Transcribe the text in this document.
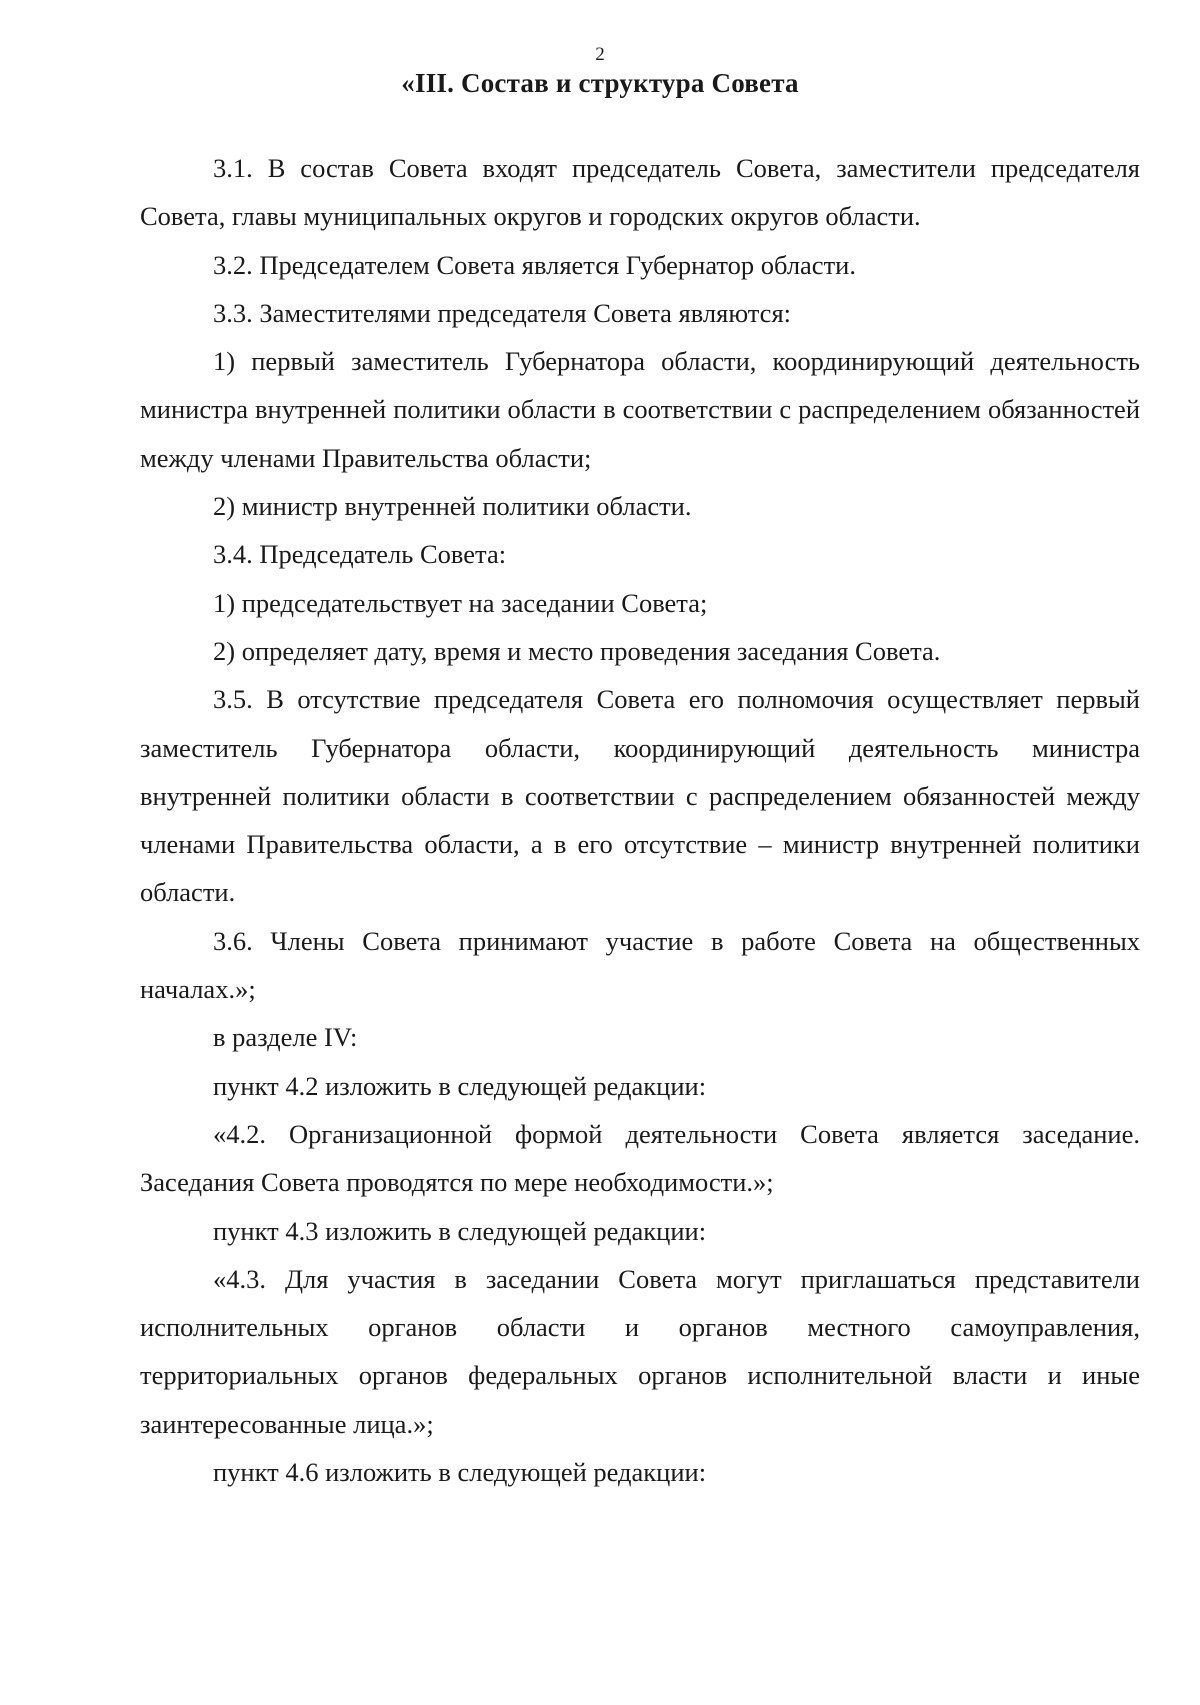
2
«III. Состав и структура Совета

3.1. В состав Совета входят председатель Совета, заместители председателя Совета, главы муниципальных округов и городских округов области.

3.2. Председателем Совета является Губернатор области.

3.3. Заместителями председателя Совета являются:

1) первый заместитель Губернатора области, координирующий деятельность министра внутренней политики области в соответствии с распределением обязанностей между членами Правительства области;

2) министр внутренней политики области.

3.4. Председатель Совета:

1) председательствует на заседании Совета;

2) определяет дату, время и место проведения заседания Совета.

3.5. В отсутствие председателя Совета его полномочия осуществляет первый заместитель Губернатора области, координирующий деятельность министра внутренней политики области в соответствии с распределением обязанностей между членами Правительства области, а в его отсутствие – министр внутренней политики области.

3.6. Члены Совета принимают участие в работе Совета на общественных началах.»;

в разделе IV:

пункт 4.2 изложить в следующей редакции:

«4.2. Организационной формой деятельности Совета является заседание. Заседания Совета проводятся по мере необходимости.»;

пункт 4.3 изложить в следующей редакции:

«4.3. Для участия в заседании Совета могут приглашаться представители исполнительных органов области и органов местного самоуправления, территориальных органов федеральных органов исполнительной власти и иные заинтересованные лица.»;

пункт 4.6 изложить в следующей редакции:
